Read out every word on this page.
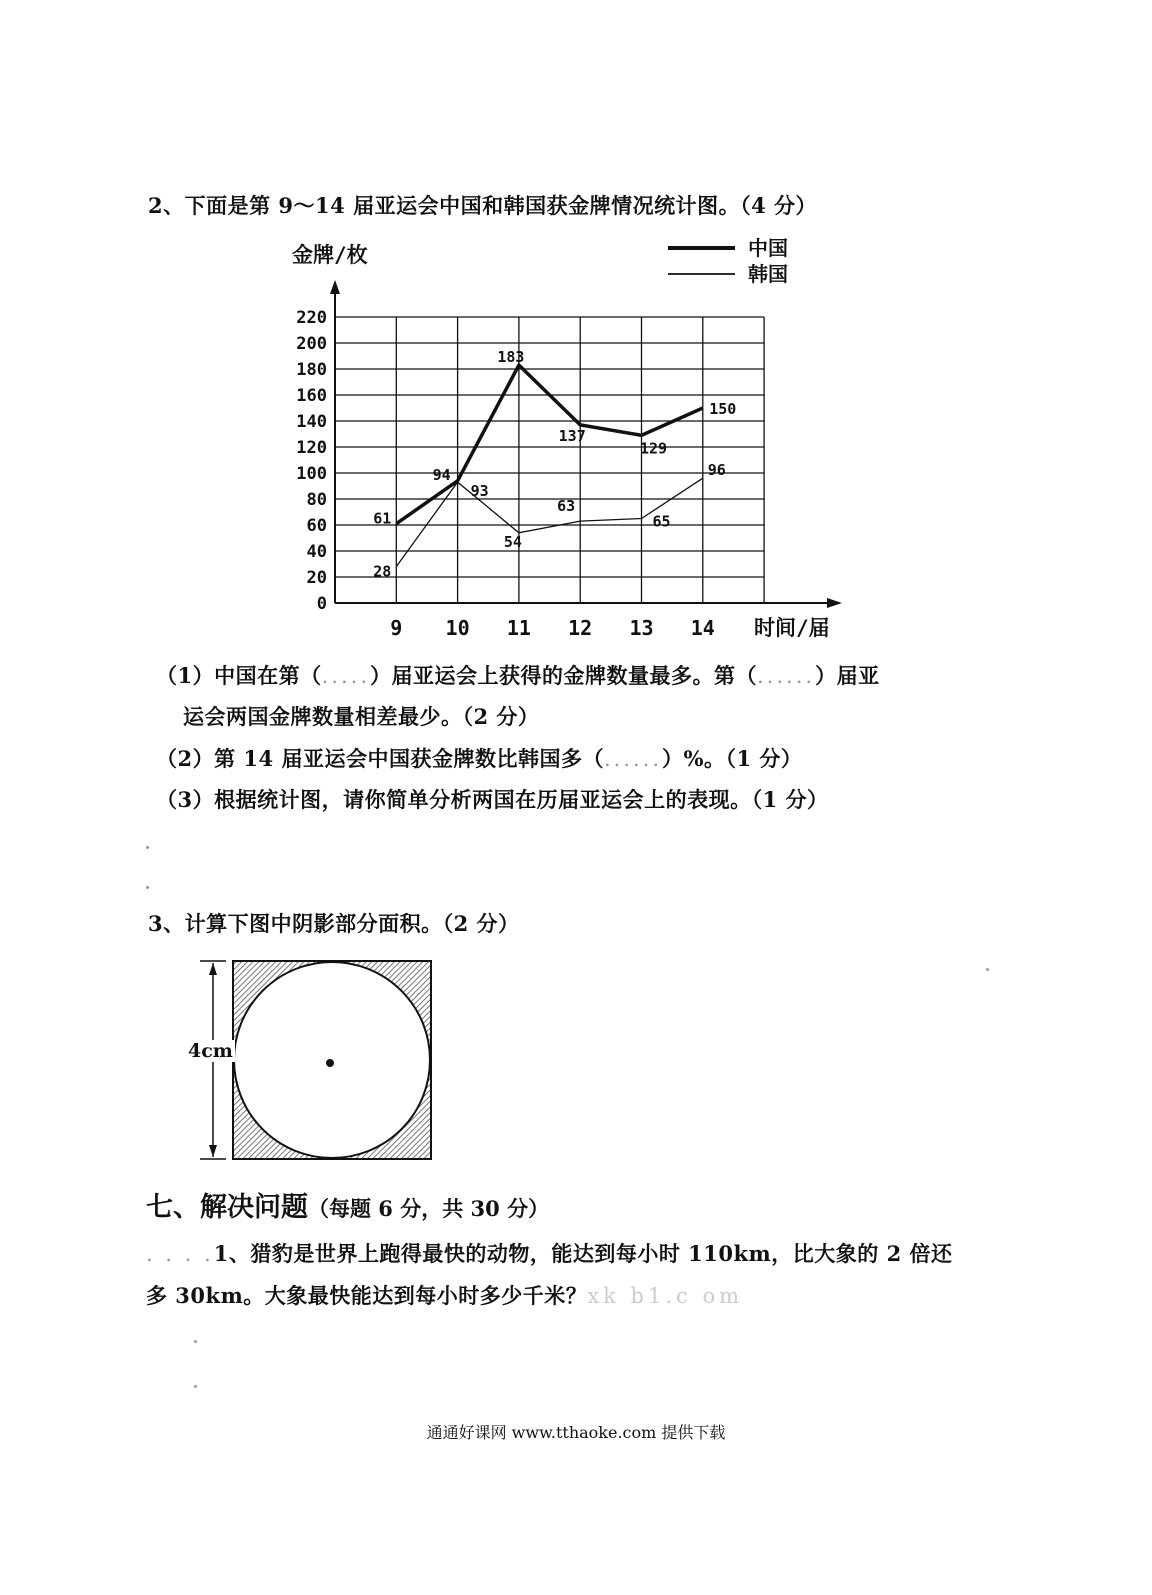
2、下面是第 9～14 届亚运会中国和韩国获金牌情况统计图。（4 分）
0
20
40
60
80
100
120
140
160
180
200
220
9 10 11 12 13 14
金牌/枚
时间/届
61
94
183
137
129
150
28
93
54
63
65
96
中国
韩国
（1）中国在第（.....）届亚运会上获得的金牌数量最多。第（......）届亚
运会两国金牌数量相差最少。（2 分）
（2）第 14 届亚运会中国获金牌数比韩国多（......）%。（1 分）
（3）根据统计图，请你简单分析两国在历届亚运会上的表现。（1 分）
3、计算下图中阴影部分面积。（2 分）
4cm
七、解决问题（每题 6 分，共 30 分）
. . . .1、猎豹是世界上跑得最快的动物，能达到每小时 110km，比大象的 2 倍还
多 30km。大象最快能达到每小时多少千米？xk b1.c om
通通好课网 www.tthaoke.com 提供下载
